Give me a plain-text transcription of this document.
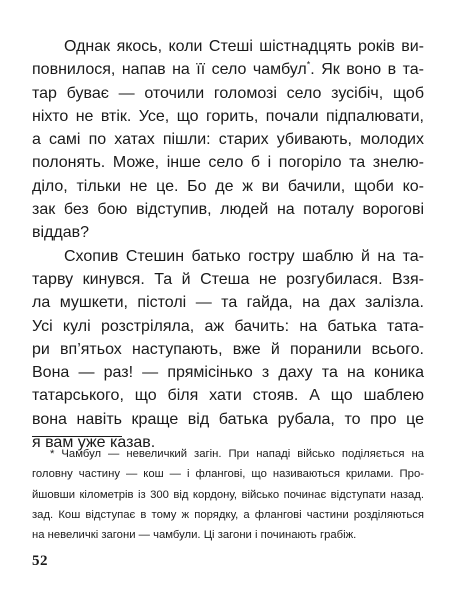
Однак якось, коли Стеші шістнадцять років ви-
повнилося, напав на її село чамбул*. Як воно в та-
тар буває — оточили голомозі село зусібіч, щоб
ніхто не втік. Усе, що горить, почали підпалювати,
а самі по хатах пішли: старих убивають, молодих
полонять. Може, інше село б і погоріло та знелю-
діло, тільки не це. Бо де ж ви бачили, щоби ко-
зак без бою відступив, людей на поталу ворогові
віддав?
Схопив Стешин батько гостру шаблю й на та-
тарву кинувся. Та й Стеша не розгубилася. Взя-
ла мушкети, пістолі — та гайда, на дах залізла.
Усі кулі розстріляла, аж бачить: на батька тата-
ри вп’ятьох наступають, вже й поранили всього.
Вона — раз! — прямісінько з даху та на коника
татарського, що біля хати стояв. А що шаблею
вона навіть краще від батька рубала, то про це
я вам уже казав.
* Чамбул — невеличкий загін. При нападі військо поділяється на
головну частину — кош — і флангові, що називаються крилами. Про-
йшовши кілометрів із 300 від кордону, військо починає відступати назад.
зад. Кош відступає в тому ж порядку, а флангові частини розділяються
на невеличкі загони — чамбули. Ці загони і починають грабіж.
52
